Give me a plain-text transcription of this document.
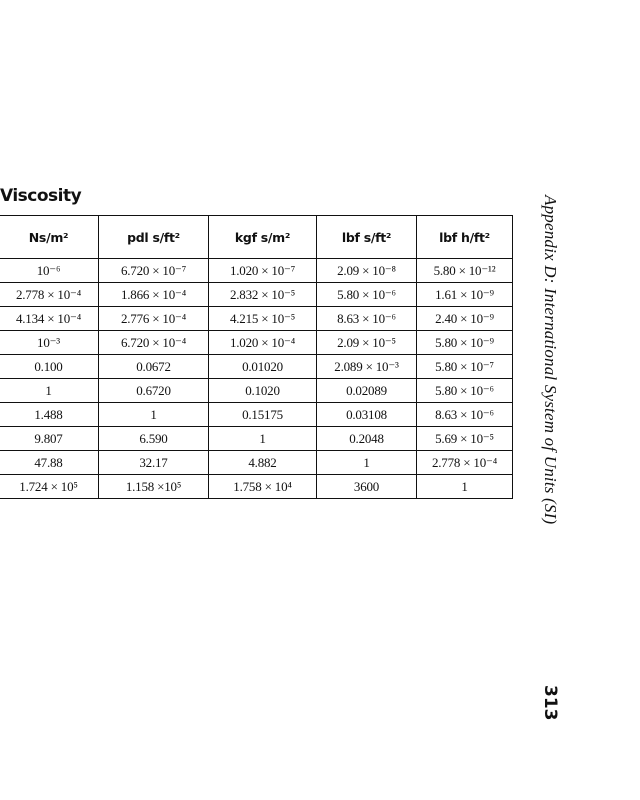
Viscosity
Ns/m²	pdl s/ft²	kgf s/m²	lbf s/ft²	lbf h/ft²
10⁻⁶	6.720 × 10⁻⁷	1.020 × 10⁻⁷	2.09 × 10⁻⁸	5.80 × 10⁻¹²
2.778 × 10⁻⁴	1.866 × 10⁻⁴	2.832 × 10⁻⁵	5.80 × 10⁻⁶	1.61 × 10⁻⁹
4.134 × 10⁻⁴	2.776 × 10⁻⁴	4.215 × 10⁻⁵	8.63 × 10⁻⁶	2.40 × 10⁻⁹
10⁻³	6.720 × 10⁻⁴	1.020 × 10⁻⁴	2.09 × 10⁻⁵	5.80 × 10⁻⁹
0.100	0.0672	0.01020	2.089 × 10⁻³	5.80 × 10⁻⁷
1	0.6720	0.1020	0.02089	5.80 × 10⁻⁶
1.488	1	0.15175	0.03108	8.63 × 10⁻⁶
9.807	6.590	1	0.2048	5.69 × 10⁻⁵
47.88	32.17	4.882	1	2.778 × 10⁻⁴
1.724 × 10⁵	1.158 ×10⁵	1.758 × 10⁴	3600	1	Appendix D: International System of Units (SI)
313
